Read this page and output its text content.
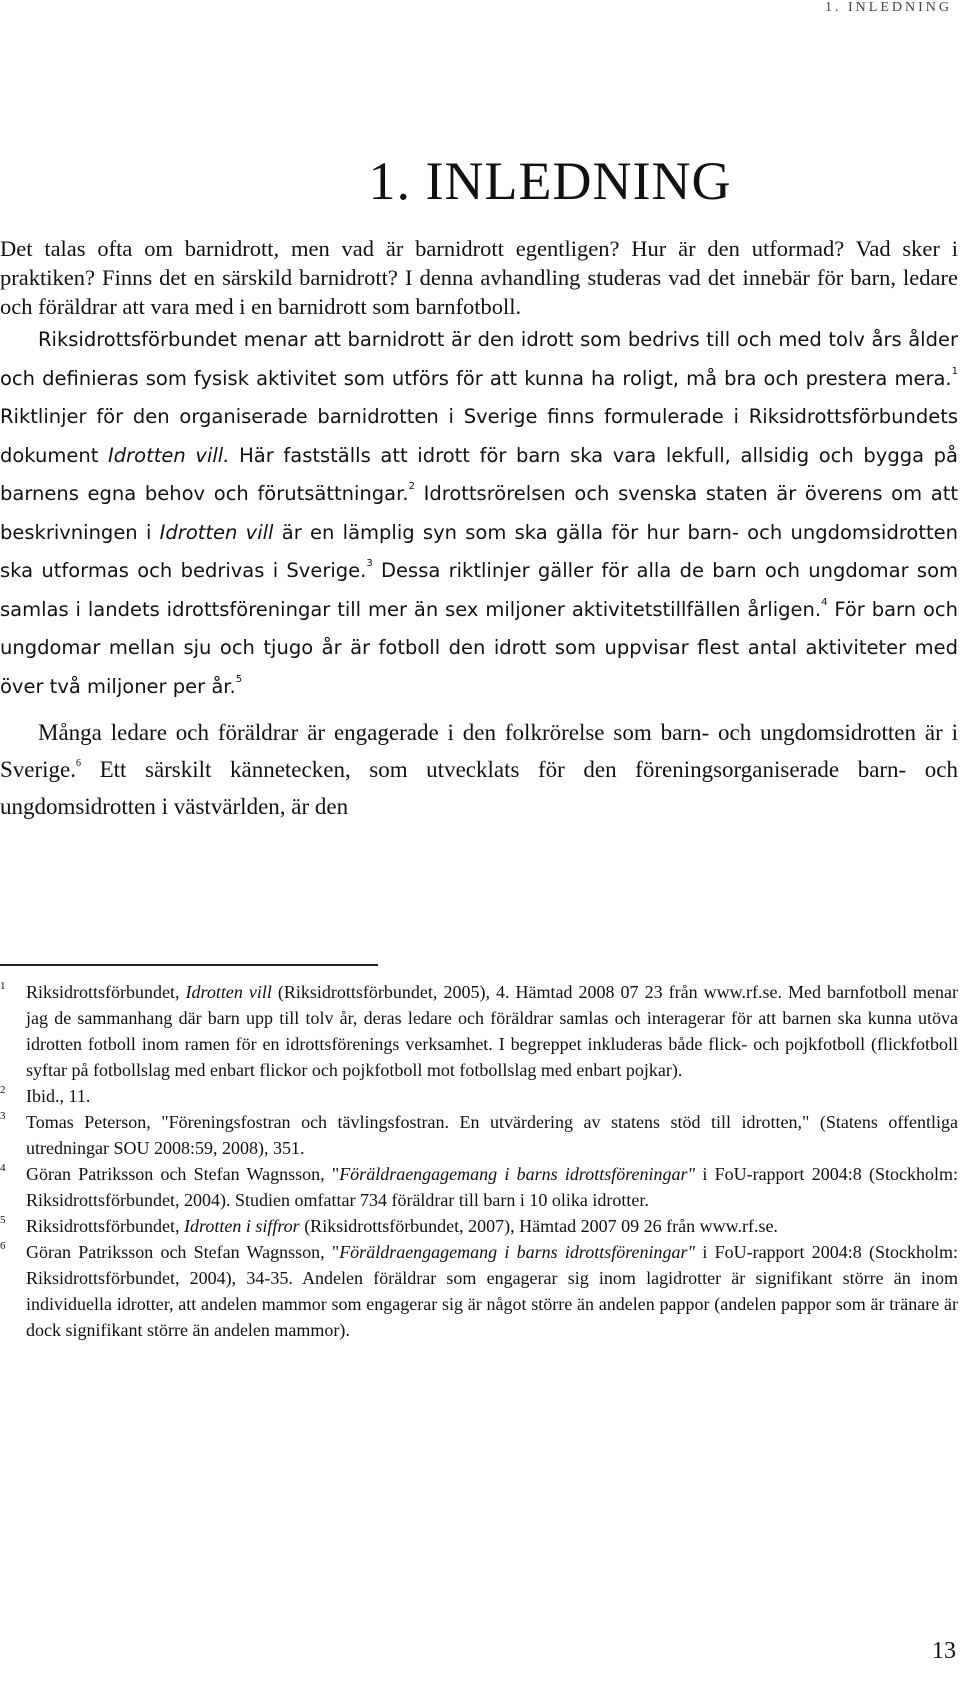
1. INLEDNING
1. INLEDNING

Det talas ofta om barnidrott, men vad är barnidrott egentligen? Hur är den utformad? Vad sker i praktiken? Finns det en särskild barnidrott? I denna avhandling studeras vad det innebär för barn, ledare och föräldrar att vara med i en barnidrott som barnfotboll.

Riksidrottsförbundet menar att barnidrott är den idrott som bedrivs till och med tolv års ålder och definieras som fysisk aktivitet som utförs för att kunna ha roligt, må bra och prestera mera.$^1$ Riktlinjer för den organiserade barnidrotten i Sverige finns formulerade i Riksidrottsförbundets dokument Idrotten vill. Här fastställs att idrott för barn ska vara lekfull, allsidig och bygga på barnens egna behov och förutsättningar.$^2$ Idrottsrörelsen och svenska staten är överens om att beskrivningen i Idrotten vill är en lämplig syn som ska gälla för hur barn- och ungdomsidrotten ska utformas och bedrivas i Sverige.$^3$ Dessa riktlinjer gäller för alla de barn och ungdomar som samlas i landets idrottsföreningar till mer än sex miljoner aktivitetstillfällen årligen.$^4$ För barn och ungdomar mellan sju och tjugo år är fotboll den idrott som uppvisar flest antal aktiviteter med över två miljoner per år.$^5$

Många ledare och föräldrar är engagerade i den folkrörelse som barn- och ungdomsidrotten är i Sverige.$^6$ Ett särskilt kännetecken, som utvecklats för den föreningsorganiserade barn- och ungdomsidrotten i västvärlden, är den

1 Riksidrottsförbundet, Idrotten vill (Riksidrottsförbundet, 2005), 4. Hämtad 2008 07 23 från www.rf.se. Med barnfotboll menar jag de sammanhang där barn upp till tolv år, deras ledare och föräldrar samlas och interagerar för att barnen ska kunna utöva idrotten fotboll inom ramen för en idrottsförenings verksamhet. I begreppet inkluderas både flick- och pojkfotboll (flickfotboll syftar på fotbollslag med enbart flickor och pojkfotboll mot fotbollslag med enbart pojkar).

2 Ibid., 11.

3 Tomas Peterson, "Föreningsfostran och tävlingsfostran. En utvärdering av statens stöd till idrotten," (Statens offentliga utredningar SOU 2008:59, 2008), 351.

4 Göran Patriksson och Stefan Wagnsson, "Föräldraengagemang i barns idrottsföreningar" i FoU-rapport 2004:8 (Stockholm: Riksidrottsförbundet, 2004). Studien omfattar 734 föräldrar till barn i 10 olika idrotter.

5 Riksidrottsförbundet, Idrotten i siffror (Riksidrottsförbundet, 2007), Hämtad 2007 09 26 från www.rf.se.

6 Göran Patriksson och Stefan Wagnsson, "Föräldraengagemang i barns idrottsföreningar" i FoU-rapport 2004:8 (Stockholm: Riksidrottsförbundet, 2004), 34-35. Andelen föräldrar som engagerar sig inom lagidrotter är signifikant större än inom individuella idrotter, att andelen mammor som engagerar sig är något större än andelen pappor (andelen pappor som är tränare är dock signifikant större än andelen mammor).

13
